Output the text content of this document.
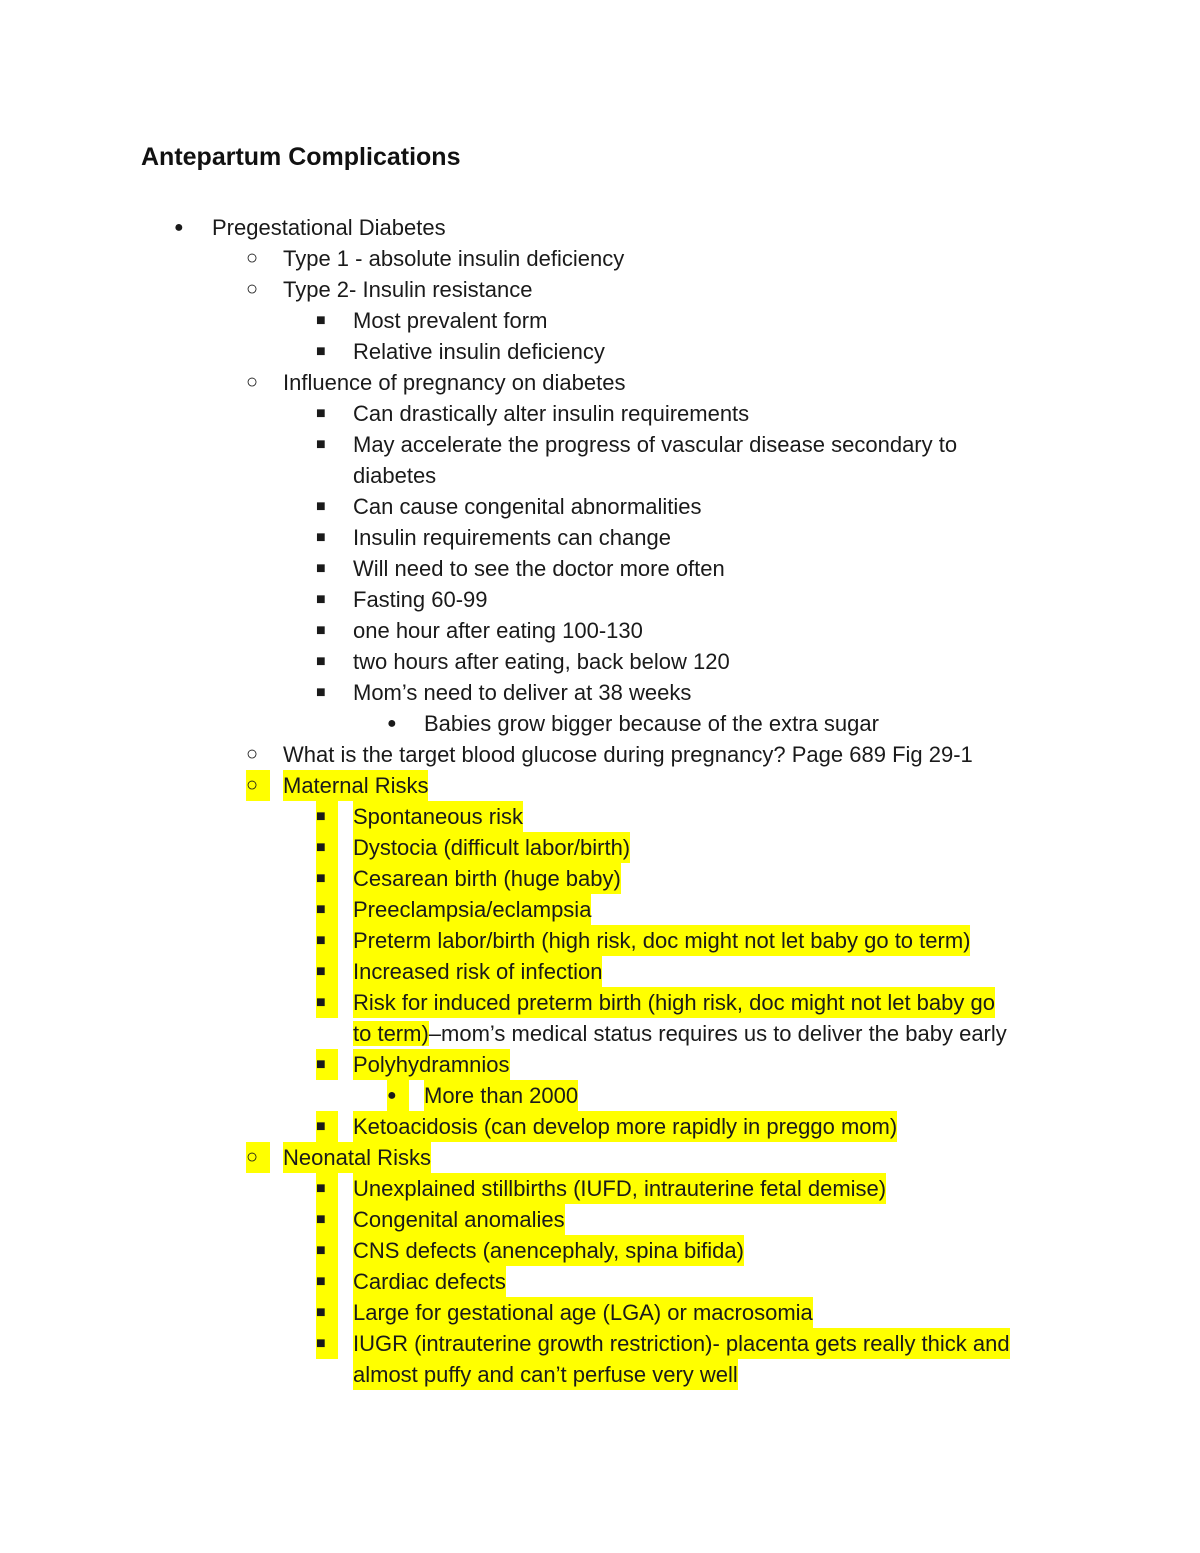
Antepartum Complications
● Pregestational Diabetes
○ Type 1 - absolute insulin deficiency
○ Type 2- Insulin resistance
■ Most prevalent form
■ Relative insulin deficiency
○ Influence of pregnancy on diabetes
■ Can drastically alter insulin requirements
■ May accelerate the progress of vascular disease secondary to
diabetes
■ Can cause congenital abnormalities
■ Insulin requirements can change
■ Will need to see the doctor more often
■ Fasting 60-99
■ one hour after eating 100-130
■ two hours after eating, back below 120
■ Mom’s need to deliver at 38 weeks
● Babies grow bigger because of the extra sugar
○ What is the target blood glucose during pregnancy? Page 689 Fig 29-1
○	Maternal Risks
■	Spontaneous risk
■	Dystocia (difficult labor/birth)
■	Cesarean birth (huge baby)
■	Preeclampsia/eclampsia
■	Preterm labor/birth (high risk, doc might not let baby go to term)
■	Increased risk of infection
■	Risk for induced preterm birth (high risk, doc might not let baby go
to term)–mom’s medical status requires us to deliver the baby early
■	Polyhydramnios
●	More than 2000
■	Ketoacidosis (can develop more rapidly in preggo mom)
○	Neonatal Risks
■	Unexplained stillbirths (IUFD, intrauterine fetal demise)
■	Congenital anomalies
■	CNS defects (anencephaly, spina bifida)
■	Cardiac defects
■	Large for gestational age (LGA) or macrosomia
■	IUGR (intrauterine growth restriction)- placenta gets really thick and
almost puffy and can’t perfuse very well
